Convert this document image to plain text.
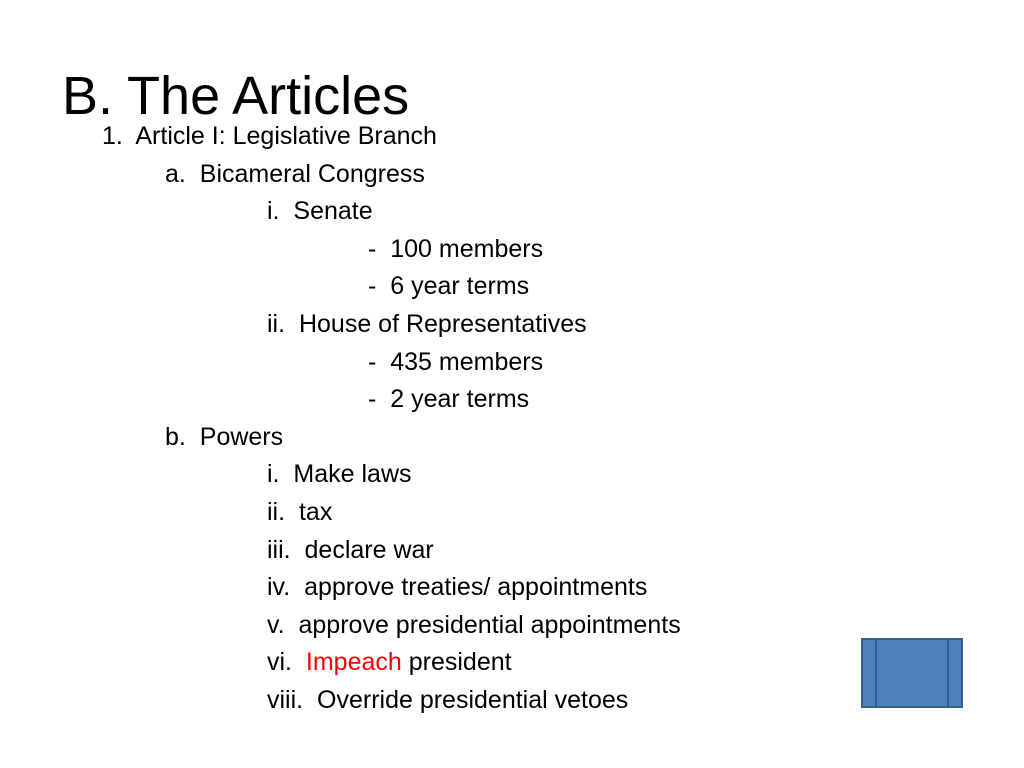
B. The Articles
1. Article I: Legislative Branch
a. Bicameral Congress
i. Senate
- 100 members
- 6 year terms
ii. House of Representatives
- 435 members
- 2 year terms
b. Powers
i. Make laws
ii. tax
iii. declare war
iv. approve treaties/ appointments
v. approve presidential appointments
vi. Impeach president
viii. Override presidential vetoes
